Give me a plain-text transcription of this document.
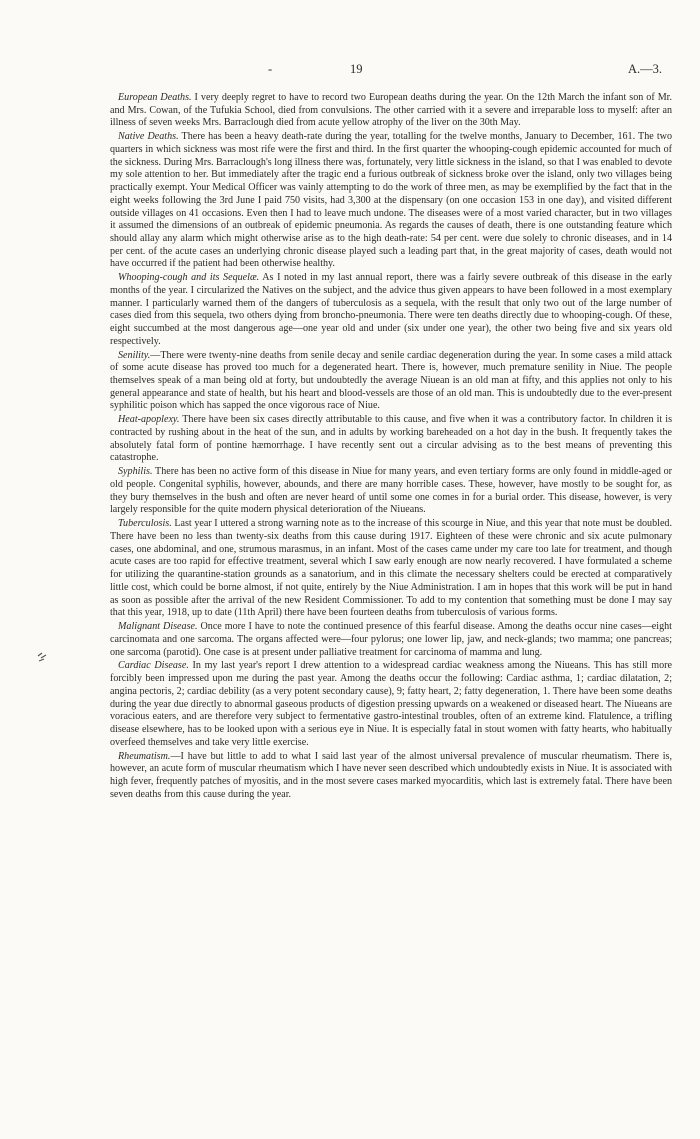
-	19	A.—3.

European Deaths. I very deeply regret to have to record two European deaths during the year. On the 12th March the infant son of Mr. and Mrs. Cowan, of the Tufukia School, died from convulsions. The other carried with it a severe and irreparable loss to myself: after an illness of seven weeks Mrs. Barraclough died from acute yellow atrophy of the liver on the 30th May.

Native Deaths. There has been a heavy death-rate during the year, totalling for the twelve months, January to December, 161. The two quarters in which sickness was most rife were the first and third. In the first quarter the whooping-cough epidemic accounted for much of the sickness. During Mrs. Barraclough's long illness there was, fortunately, very little sickness in the island, so that I was enabled to devote my sole attention to her. But immediately after the tragic end a furious outbreak of sickness broke over the island, only two villages being practically exempt. Your Medical Officer was vainly attempting to do the work of three men, as may be exemplified by the fact that in the eight weeks following the 3rd June I paid 750 visits, had 3,300 at the dispensary (on one occasion 153 in one day), and visited different outside villages on 41 occasions. Even then I had to leave much undone. The diseases were of a most varied character, but in two villages it assumed the dimensions of an outbreak of epidemic pneumonia. As regards the causes of death, there is one outstanding feature which should allay any alarm which might otherwise arise as to the high death-rate: 54 per cent. were due solely to chronic diseases, and in 14 per cent. of the acute cases an underlying chronic disease played such a leading part that, in the great majority of cases, death would not have occurred if the patient had been otherwise healthy.

Whooping-cough and its Sequelæ. As I noted in my last annual report, there was a fairly severe outbreak of this disease in the early months of the year. I circularized the Natives on the subject, and the advice thus given appears to have been followed in a most exemplary manner. I particularly warned them of the dangers of tuberculosis as a sequela, with the result that only two out of the large number of cases died from this sequela, two others dying from broncho-pneumonia. There were ten deaths directly due to whooping-cough. Of these, eight succumbed at the most dangerous age—one year old and under (six under one year), the other two being five and six years old respectively.

Senility.—There were twenty-nine deaths from senile decay and senile cardiac degeneration during the year. In some cases a mild attack of some acute disease has proved too much for a degenerated heart. There is, however, much premature senility in Niue. The people themselves speak of a man being old at forty, but undoubtedly the average Niuean is an old man at fifty, and this applies not only to his general appearance and state of health, but his heart and blood-vessels are those of an old man. This is undoubtedly due to the ever-present syphilitic poison which has sapped the once vigorous race of Niue.

Heat-apoplexy. There have been six cases directly attributable to this cause, and five when it was a contributory factor. In children it is contracted by rushing about in the heat of the sun, and in adults by working bareheaded on a hot day in the bush. It frequently takes the absolutely fatal form of pontine hæmorrhage. I have recently sent out a circular advising as to the best means of preventing this catastrophe.

Syphilis. There has been no active form of this disease in Niue for many years, and even tertiary forms are only found in middle-aged or old people. Congenital syphilis, however, abounds, and there are many horrible cases. These, however, have mostly to be sought for, as they bury themselves in the bush and often are never heard of until some one comes in for a burial order. This disease, however, is very largely responsible for the quite modern physical deterioration of the Niueans.

Tuberculosis. Last year I uttered a strong warning note as to the increase of this scourge in Niue, and this year that note must be doubled. There have been no less than twenty-six deaths from this cause during 1917. Eighteen of these were chronic and six acute pulmonary cases, one abdominal, and one, strumous marasmus, in an infant. Most of the cases came under my care too late for treatment, and though acute cases are too rapid for effective treatment, several which I saw early enough are now nearly recovered. I have formulated a scheme for utilizing the quarantine-station grounds as a sanatorium, and in this climate the necessary shelters could be erected at comparatively little cost, which could be borne almost, if not quite, entirely by the Niue Administration. I am in hopes that this work will be put in hand as soon as possible after the arrival of the new Resident Commissioner. To add to my contention that something must be done I may say that this year, 1918, up to date (11th April) there have been fourteen deaths from tuberculosis of various forms.

Malignant Disease. Once more I have to note the continued presence of this fearful disease. Among the deaths occur nine cases—eight carcinomata and one sarcoma. The organs affected were—four pylorus; one lower lip, jaw, and neck-glands; two mamma; one pancreas; one sarcoma (parotid). One case is at present under palliative treatment for carcinoma of mamma and lung.

Cardiac Disease. In my last year's report I drew attention to a widespread cardiac weakness among the Niueans. This has still more forcibly been impressed upon me during the past year. Among the deaths occur the following: Cardiac asthma, 1; cardiac dilatation, 2; angina pectoris, 2; cardiac debility (as a very potent secondary cause), 9; fatty heart, 2; fatty degeneration, 1. There have been some deaths during the year due directly to abnormal gaseous products of digestion pressing upwards on a weakened or diseased heart. The Niueans are voracious eaters, and are therefore very subject to fermentative gastro-intestinal troubles, often of an extreme kind. Flatulence, a trifling disease elsewhere, has to be looked upon with a serious eye in Niue. It is especially fatal in stout women with fatty hearts, who habitually overfeed themselves and take very little exercise.

Rheumatism.—I have but little to add to what I said last year of the almost universal prevalence of muscular rheumatism. There is, however, an acute form of muscular rheumatism which I have never seen described which undoubtedly exists in Niue. It is associated with high fever, frequently patches of myositis, and in the most severe cases marked myocarditis, which last is extremely fatal. There have been seven deaths from this cause during the year.
